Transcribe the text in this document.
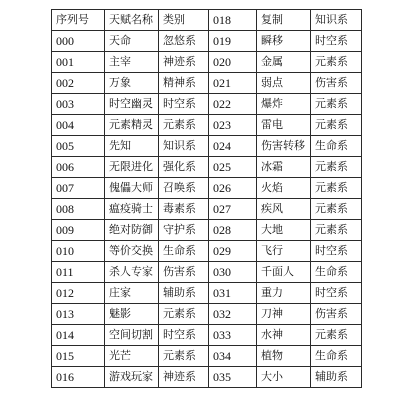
序列号	天赋名称	类别	018	复制	知识系
000	天命	忽悠系	019	瞬移	时空系
001	主宰	神迹系	020	金属	元素系
002	万象	精神系	021	弱点	伤害系
003	时空幽灵	时空系	022	爆炸	元素系
004	元素精灵	元素系	023	雷电	元素系
005	先知	知识系	024	伤害转移	生命系
006	无限进化	强化系	025	冰霜	元素系
007	傀儡大师	召唤系	026	火焰	元素系
008	瘟疫骑士	毒素系	027	疾风	元素系
009	绝对防御	守护系	028	大地	元素系
010	等价交换	生命系	029	飞行	时空系
011	杀人专家	伤害系	030	千面人	生命系
012	庄家	辅助系	031	重力	时空系
013	魅影	元素系	032	刀神	伤害系
014	空间切割	时空系	033	水神	元素系
015	光芒	元素系	034	植物	生命系
016	游戏玩家	神迹系	035	大小	辅助系
